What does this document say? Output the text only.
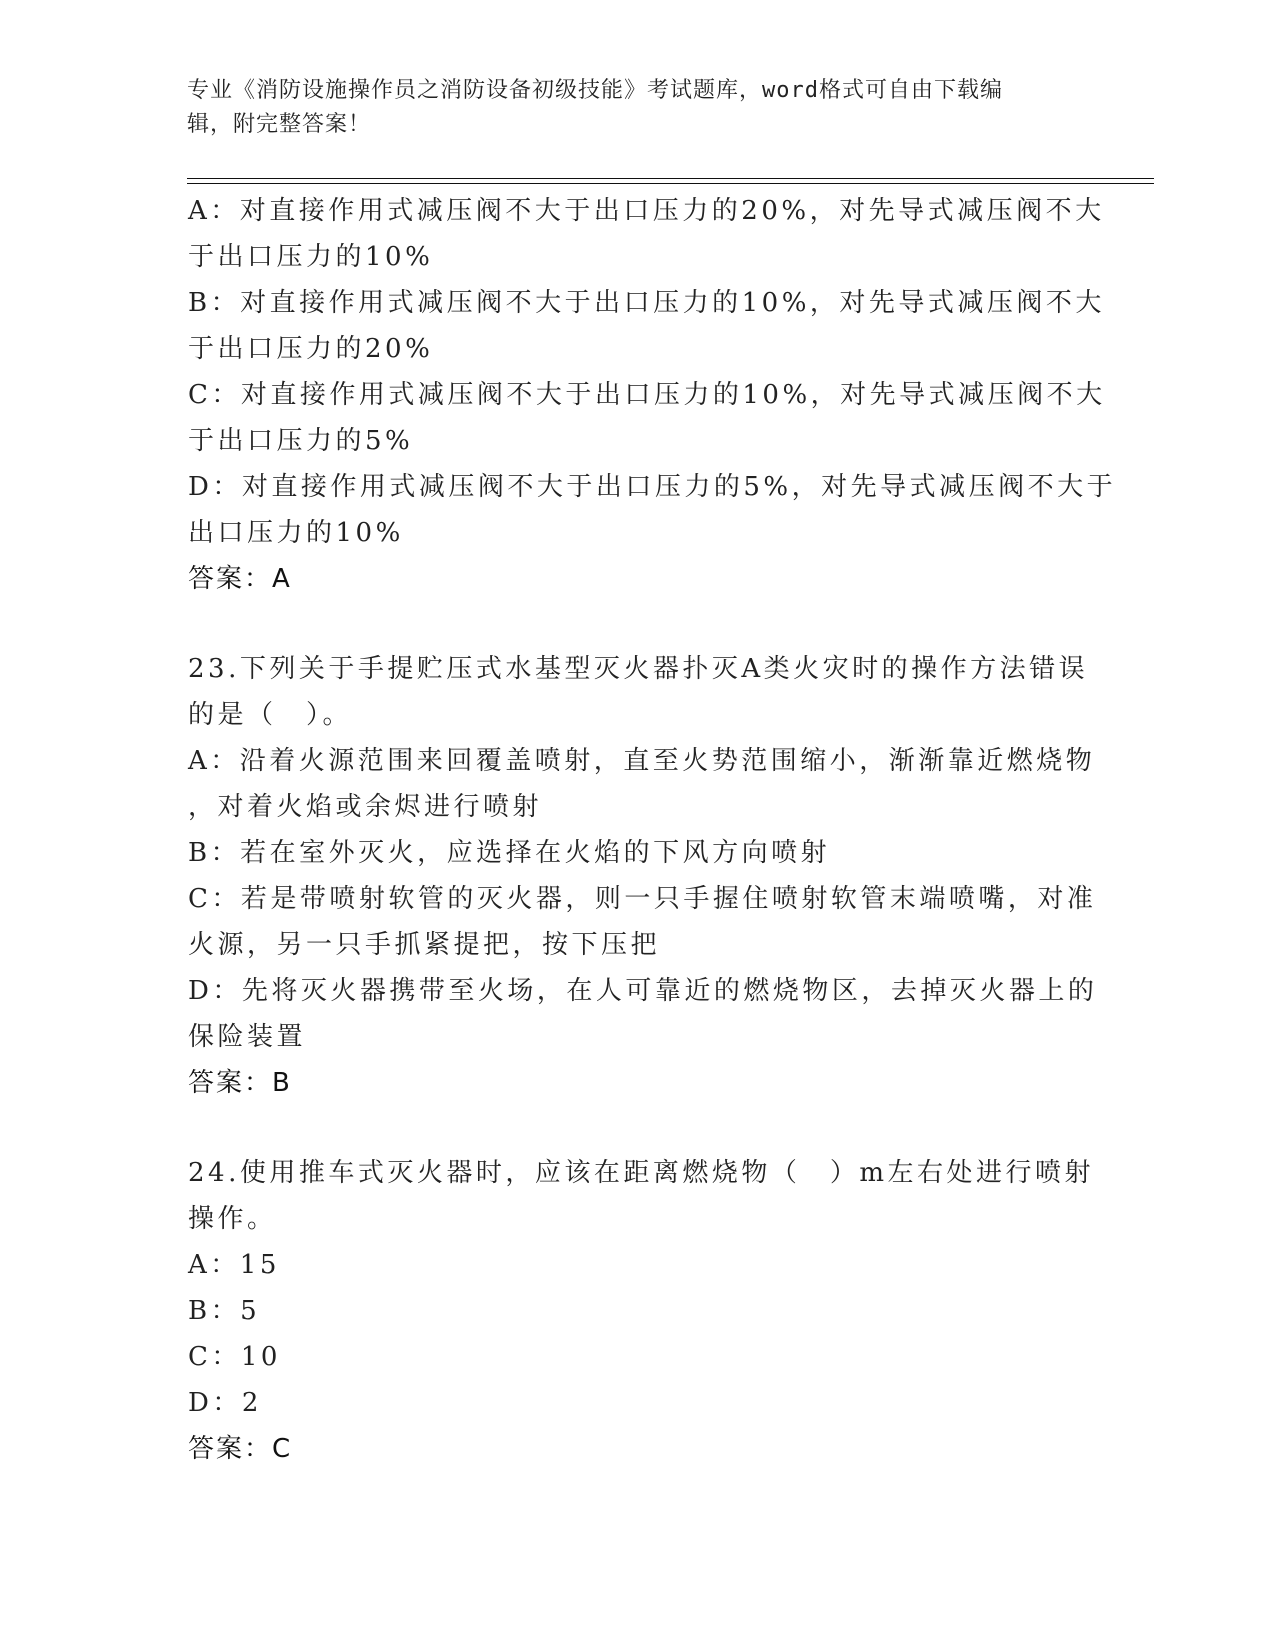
专业《消防设施操作员之消防设备初级技能》考试题库，word格式可自由下载编
辑，附完整答案！
A：对直接作用式减压阀不大于出口压力的20%，对先导式减压阀不大
于出口压力的10%
B：对直接作用式减压阀不大于出口压力的10%，对先导式减压阀不大
于出口压力的20%
C：对直接作用式减压阀不大于出口压力的10%，对先导式减压阀不大
于出口压力的5%
D：对直接作用式减压阀不大于出口压力的5%，对先导式减压阀不大于
出口压力的10%
答案：A
23.下列关于手提贮压式水基型灭火器扑灭A类火灾时的操作方法错误
的是（　）。
A：沿着火源范围来回覆盖喷射，直至火势范围缩小，渐渐靠近燃烧物
，对着火焰或余烬进行喷射
B：若在室外灭火，应选择在火焰的下风方向喷射
C：若是带喷射软管的灭火器，则一只手握住喷射软管末端喷嘴，对准
火源，另一只手抓紧提把，按下压把
D：先将灭火器携带至火场，在人可靠近的燃烧物区，去掉灭火器上的
保险装置
答案：B
24.使用推车式灭火器时，应该在距离燃烧物（　）m左右处进行喷射
操作。
A：15
B：5
C：10
D：2
答案：C
